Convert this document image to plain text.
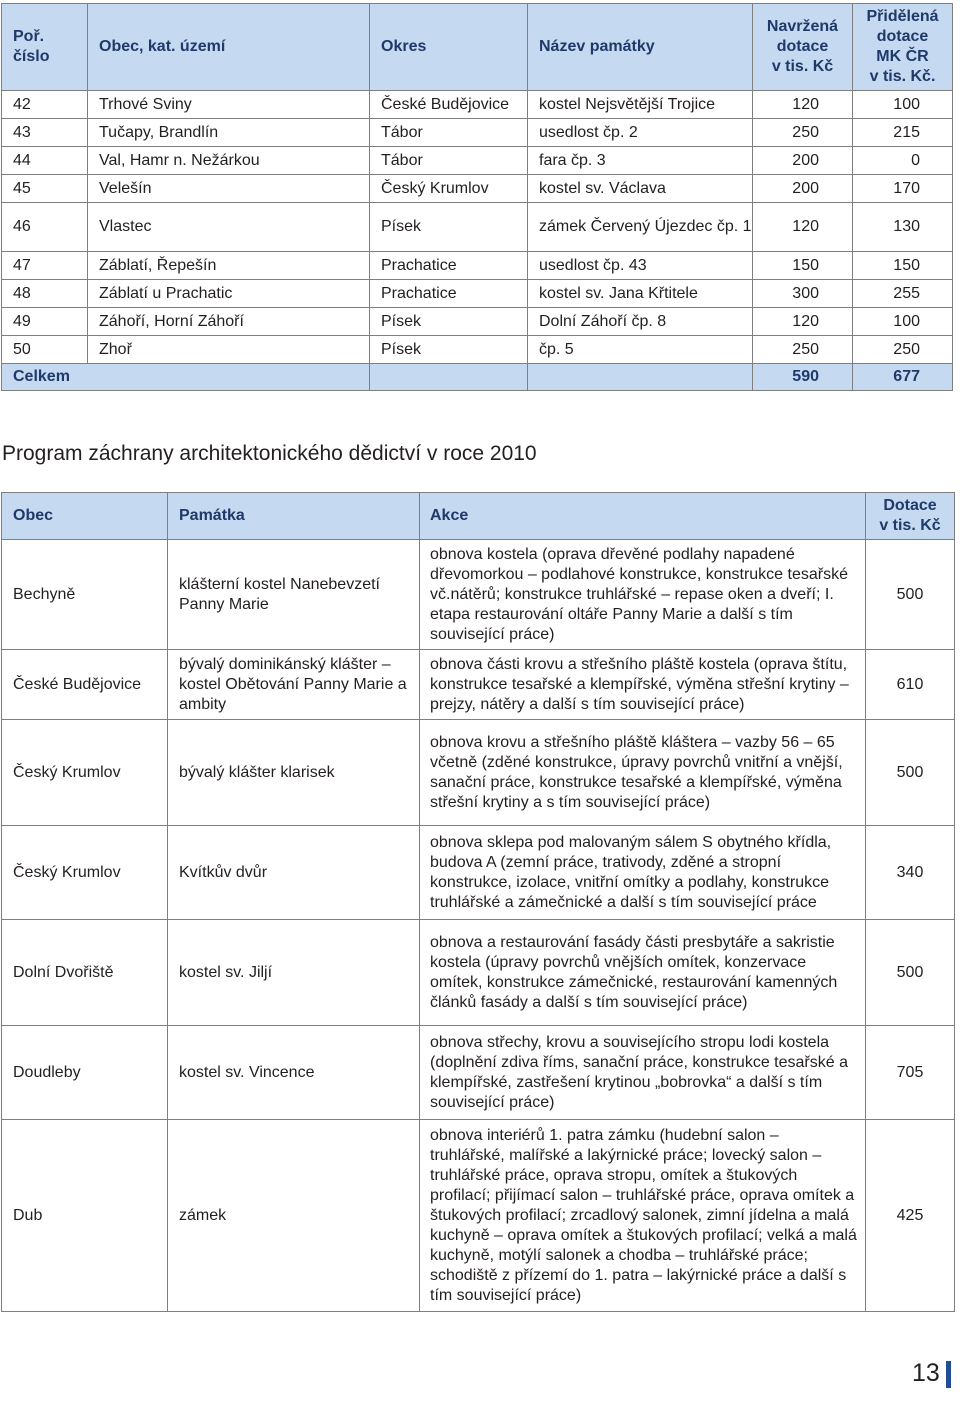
Poř.
číslo	Obec, kat. území	Okres	Název památky	Navržená
dotace
v tis. Kč	Přidělená
dotace
MK ČR
v tis. Kč.
42	Trhové Sviny	České Budějovice	kostel Nejsvětější Trojice	120	100
43	Tučapy, Brandlín	Tábor	usedlost čp. 2	250	215
44	Val, Hamr n. Nežárkou	Tábor	fara čp. 3	200	0
45	Velešín	Český Krumlov	kostel sv. Václava	200	170
46	Vlastec	Písek	zámek Červený Újezdec čp. 1	120	130
47	Záblatí, Řepešín	Prachatice	usedlost čp. 43	150	150
48	Záblatí u Prachatic	Prachatice	kostel sv. Jana Křtitele	300	255
49	Záhoří, Horní Záhoří	Písek	Dolní Záhoří čp. 8	120	100
50	Zhoř	Písek	čp. 5	250	250
Celkem				590	677
Program záchrany architektonického dědictví v roce 2010
Obec	Památka	Akce	Dotace
v tis. Kč
Bechyně	klášterní kostel Nanebevzetí Panny Marie	obnova kostela (oprava dřevěné podlahy napadené dřevomorkou – podlahové konstrukce, konstrukce tesařské vč.nátěrů; konstrukce truhlářské – repase oken a dveří; I. etapa restaurování oltáře Panny Marie a další s tím související práce)	500
České Budějovice	bývalý dominikánský klášter – kostel Obětování Panny Marie a ambity	obnova části krovu a střešního pláště kostela (oprava štítu, konstrukce tesařské a klempířské, výměna střešní krytiny – prejzy, nátěry a další s tím související práce)	610
Český Krumlov	bývalý klášter klarisek	obnova krovu a střešního pláště kláštera – vazby 56 – 65 včetně (zděné konstrukce, úpravy povrchů vnitřní a vnější, sanační práce, konstrukce tesařské a klempířské, výměna střešní krytiny a s tím související práce)	500
Český Krumlov	Kvítkův dvůr	obnova sklepa pod malovaným sálem S obytného křídla, budova A (zemní práce, trativody, zděné a stropní konstrukce, izolace, vnitřní omítky a podlahy, konstrukce truhlářské a zámečnické a další s tím související práce	340
Dolní Dvořiště	kostel sv. Jiljí	obnova a restaurování fasády části presbytáře a sakristie kostela (úpravy povrchů vnějších omítek, konzervace omítek, konstrukce zámečnické, restaurování kamenných článků fasády a další s tím související práce)	500
Doudleby	kostel sv. Vincence	obnova střechy, krovu a souvisejícího stropu lodi kostela (doplnění zdiva říms, sanační práce, konstrukce tesařské a klempířské, zastřešení krytinou „bobrovka“ a další s tím související práce)	705
Dub	zámek	obnova interiérů 1. patra zámku (hudební salon – truhlářské, malířské a lakýrnické práce; lovecký salon – truhlářské práce, oprava stropu, omítek a štukových profilací; přijímací salon – truhlářské práce, oprava omítek a štukových profilací; zrcadlový salonek, zimní jídelna a malá kuchyně – oprava omítek a štukových profilací; velká a malá kuchyně, motýlí salonek a chodba – truhlářské práce; schodiště z přízemí do 1. patra – lakýrnické práce a další s tím související práce)	425
13
